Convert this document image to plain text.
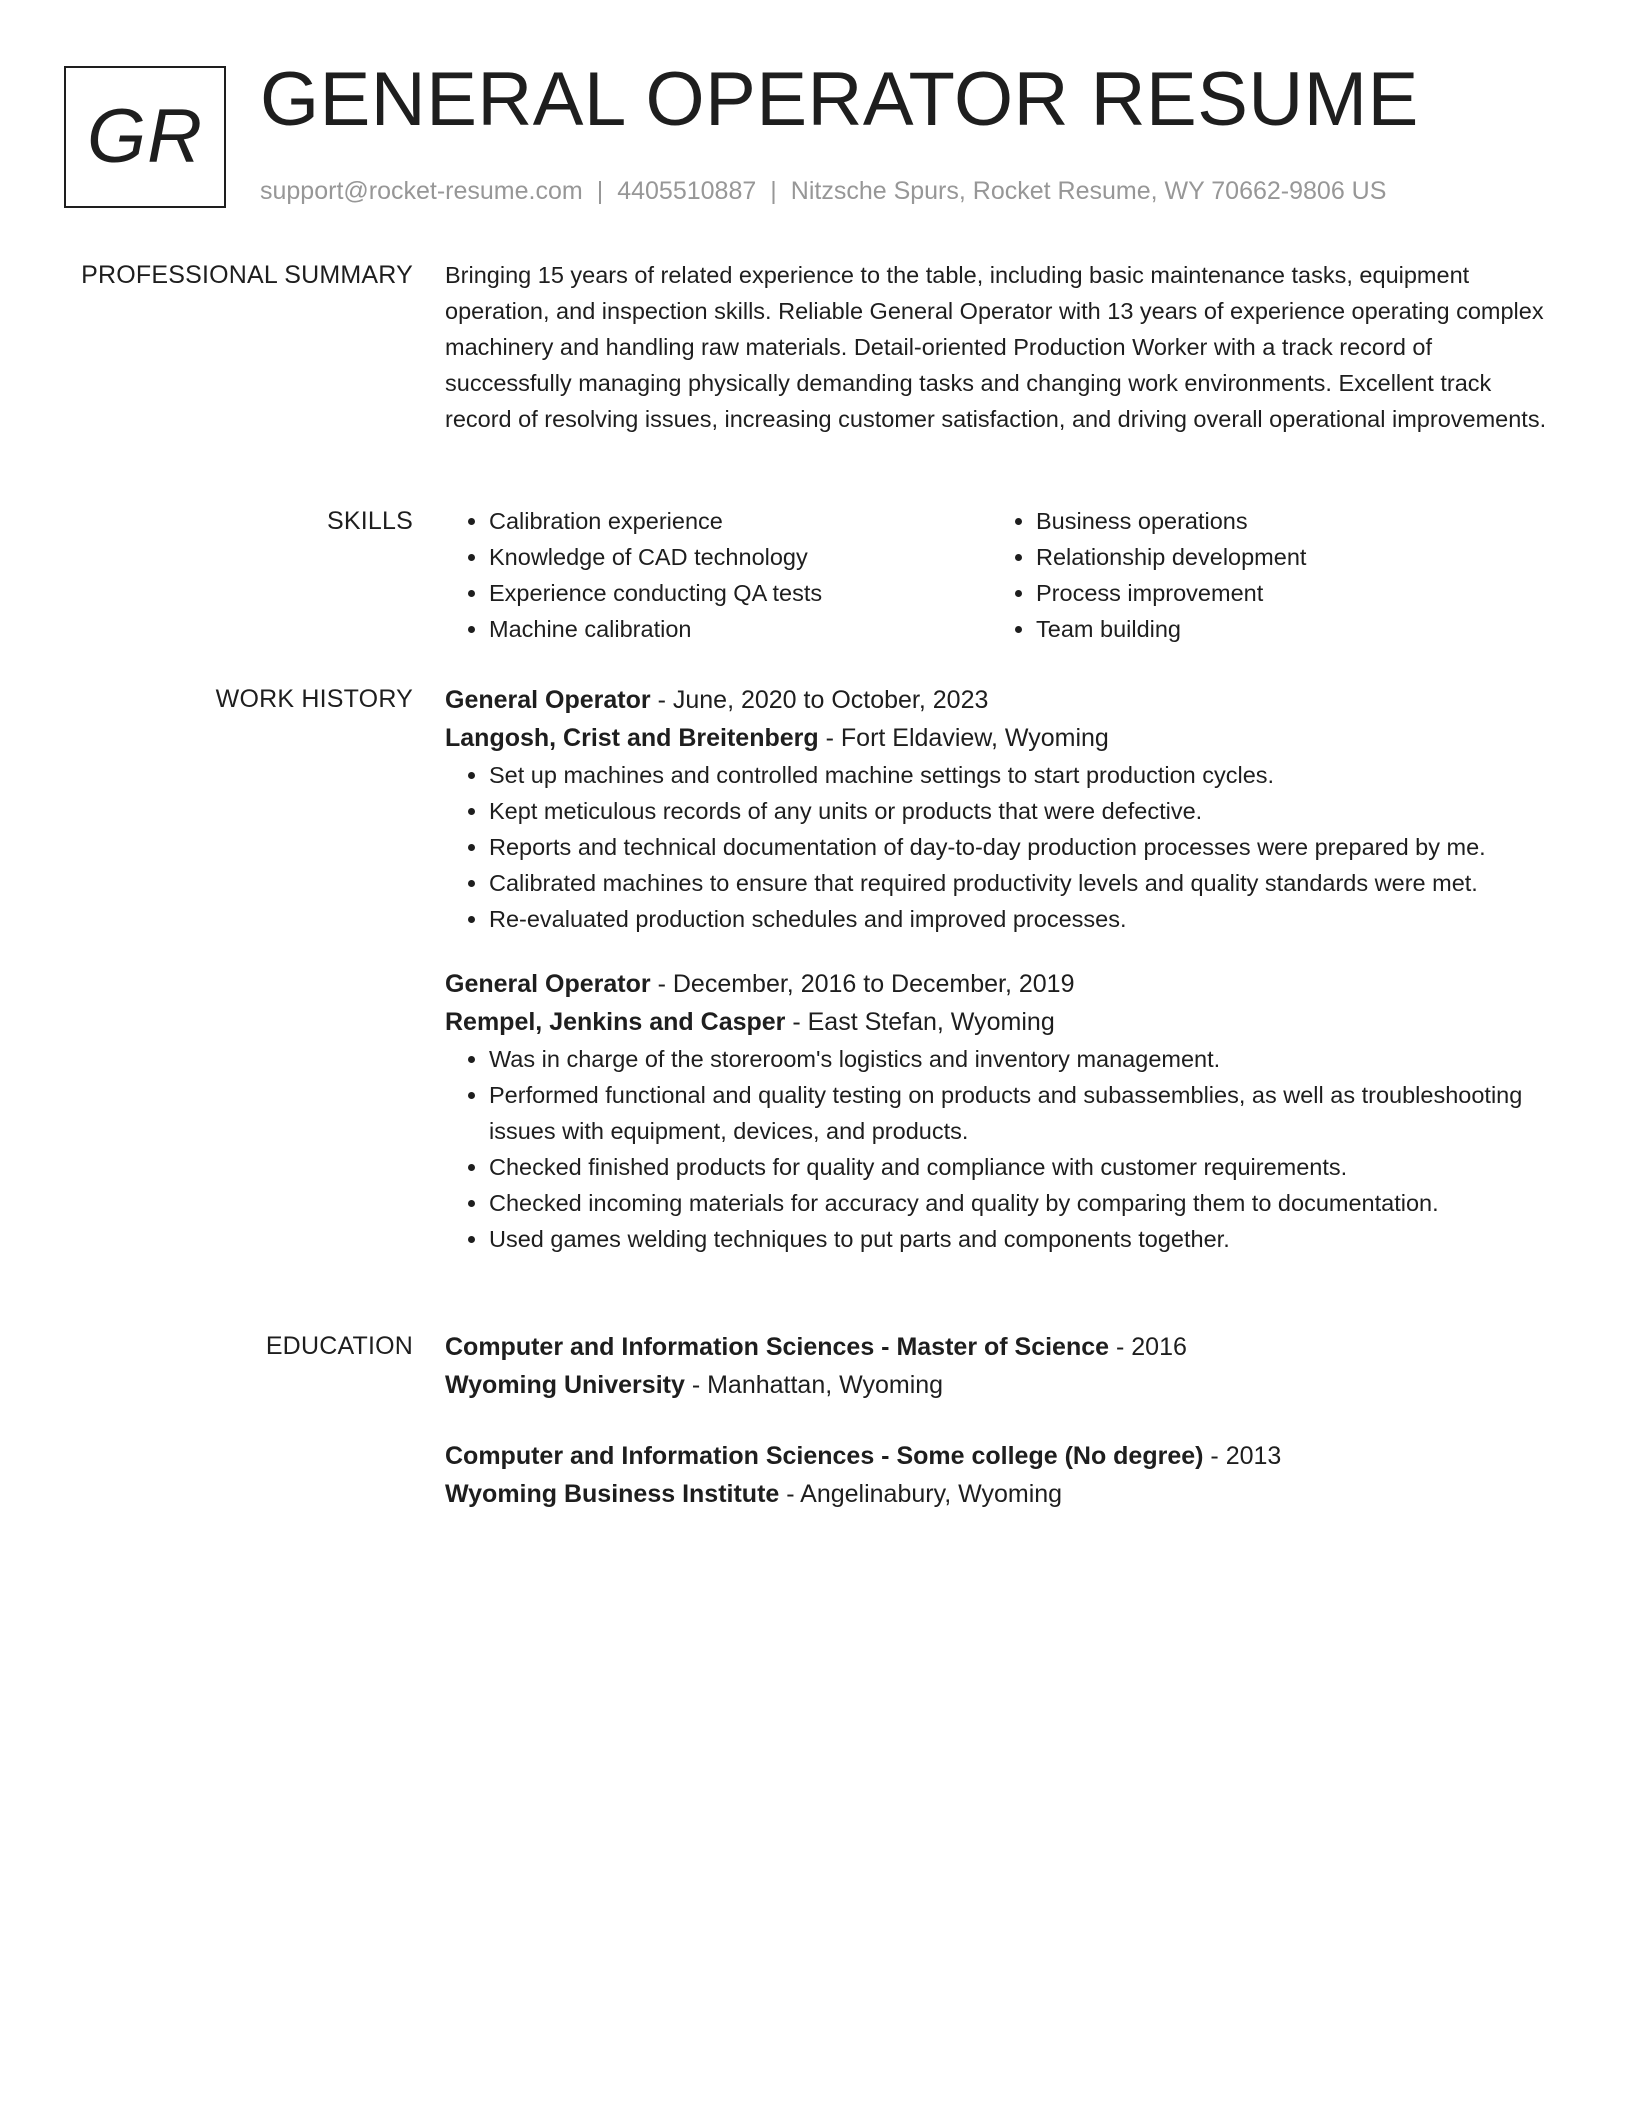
GR GENERAL OPERATOR RESUME
support@rocket-resume.com | 4405510887 | Nitzsche Spurs, Rocket Resume, WY 70662-9806 US
PROFESSIONAL SUMMARY Bringing 15 years of related experience to the table, including basic maintenance tasks, equipment operation, and inspection skills. Reliable General Operator with 13 years of experience operating complex machinery and handling raw materials. Detail-oriented Production Worker with a track record of successfully managing physically demanding tasks and changing work environments. Excellent track record of resolving issues, increasing customer satisfaction, and driving overall operational improvements.

SKILLS
•	Calibration experience
• Knowledge of CAD technology
• Experience conducting QA tests
• Machine calibration
• Business operations
• Relationship development
• Process improvement
• Team building
WORK HISTORY General Operator - June, 2020 to October, 2023
Langosh, Crist and Breitenberg - Fort Eldaview, Wyoming
• Set up machines and controlled machine settings to start production cycles.
• Kept meticulous records of any units or products that were defective.
• Reports and technical documentation of day-to-day production processes were prepared by me.
• Calibrated machines to ensure that required productivity levels and quality standards were met.
• Re-evaluated production schedules and improved processes.
General Operator - December, 2016 to December, 2019
Rempel, Jenkins and Casper - East Stefan, Wyoming
• Was in charge of the storeroom's logistics and inventory management.
• Performed functional and quality testing on products and subassemblies, as well as troubleshooting issues with equipment, devices, and products.
• Checked finished products for quality and compliance with customer requirements.
• Checked incoming materials for accuracy and quality by comparing them to documentation.
• Used games welding techniques to put parts and components together.
EDUCATION Computer and Information Sciences - Master of Science - 2016
Wyoming University - Manhattan, Wyoming
Computer and Information Sciences - Some college (No degree) - 2013
Wyoming Business Institute - Angelinabury, Wyoming
